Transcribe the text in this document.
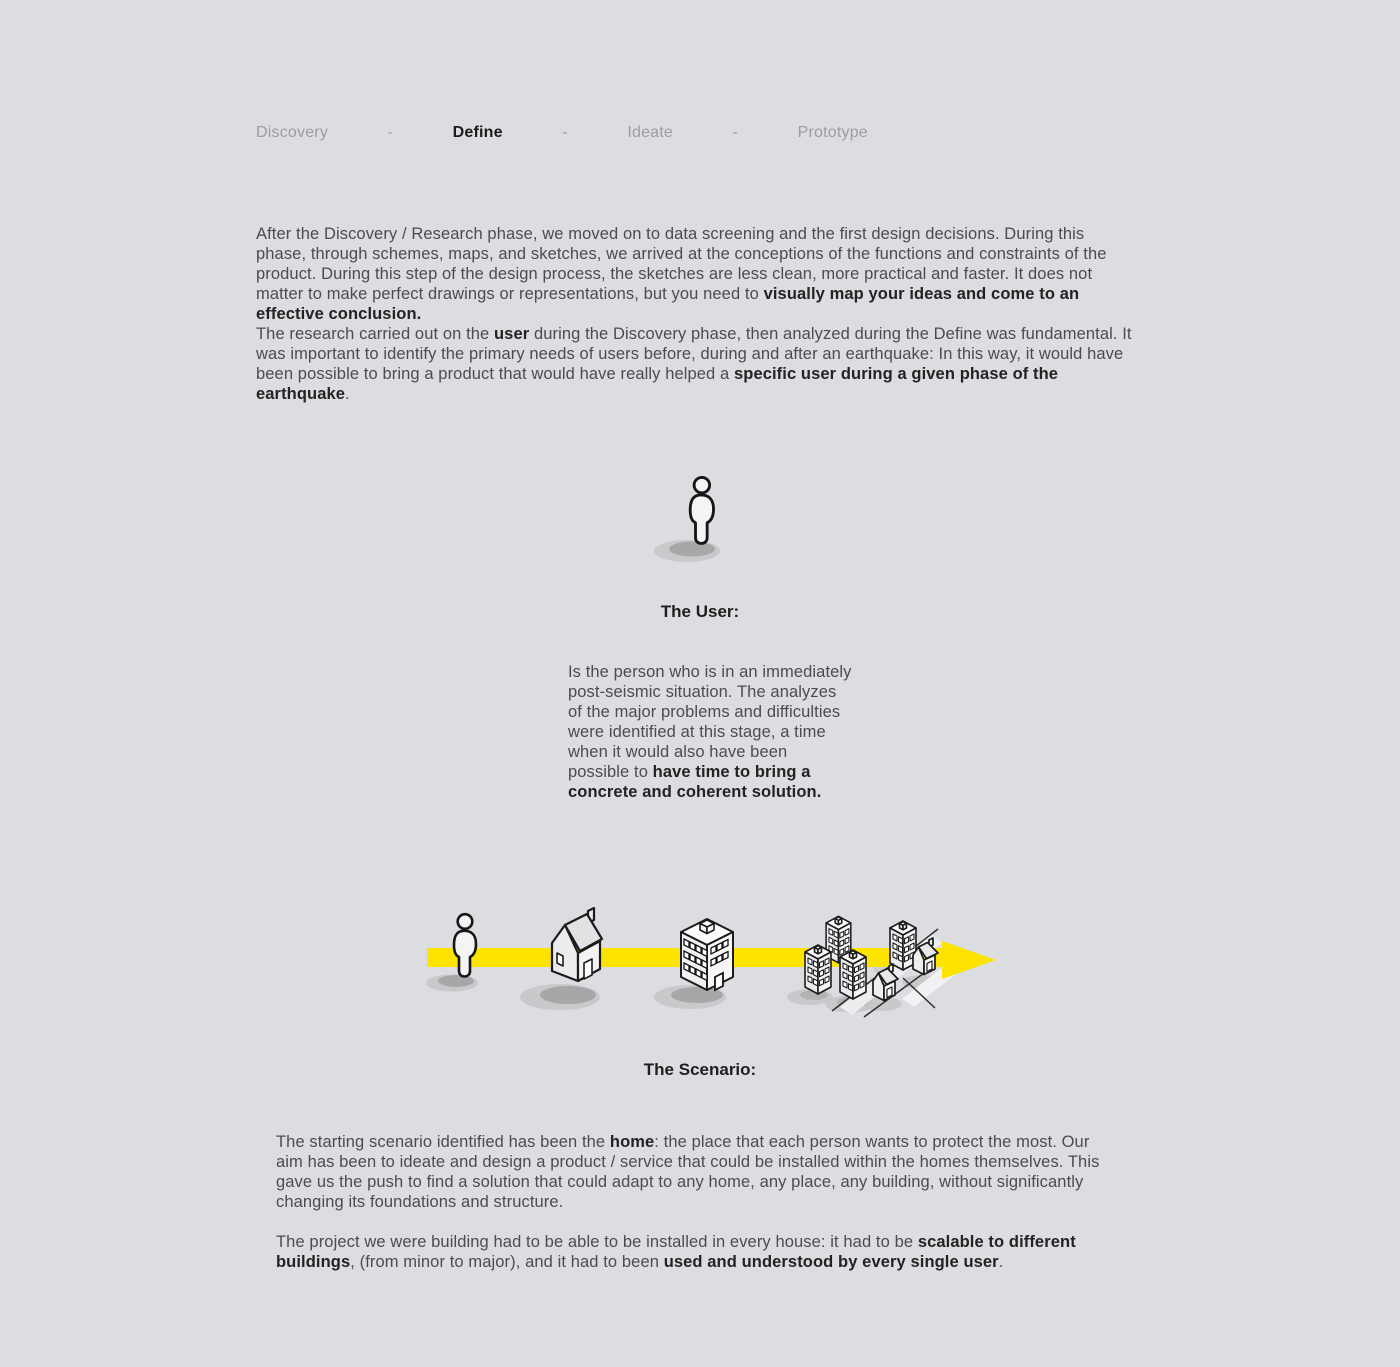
Discovery	-	Define	-	Ideate	-	Prototype

After the Discovery / Research phase, we moved on to data screening and the first design decisions. During this phase, through schemes, maps, and sketches, we arrived at the conceptions of the functions and constraints of the product. During this step of the design process, the sketches are less clean, more practical and faster. It does not matter to make perfect drawings or representations, but you need to visually map your ideas and come to an effective conclusion.

The research carried out on the user during the Discovery phase, then analyzed during the Define was fundamental. It was important to identify the primary needs of users before, during and after an earthquake: In this way, it would have been possible to bring a product that would have really helped a specific user during a given phase of the earthquake.

The User:

Is the person who is in an immediately post-seismic situation. The analyzes of the major problems and difficulties were identified at this stage, a time when it would also have been possible to have time to bring a concrete and coherent solution.

The Scenario:

The starting scenario identified has been the home: the place that each person wants to protect the most. Our aim has been to ideate and design a product / service that could be installed within the homes themselves. This gave us the push to find a solution that could adapt to any home, any place, any building, without significantly changing its foundations and structure.

The project we were building had to be able to be installed in every house: it had to be scalable to different buildings, (from minor to major), and it had to been used and understood by every single user.
